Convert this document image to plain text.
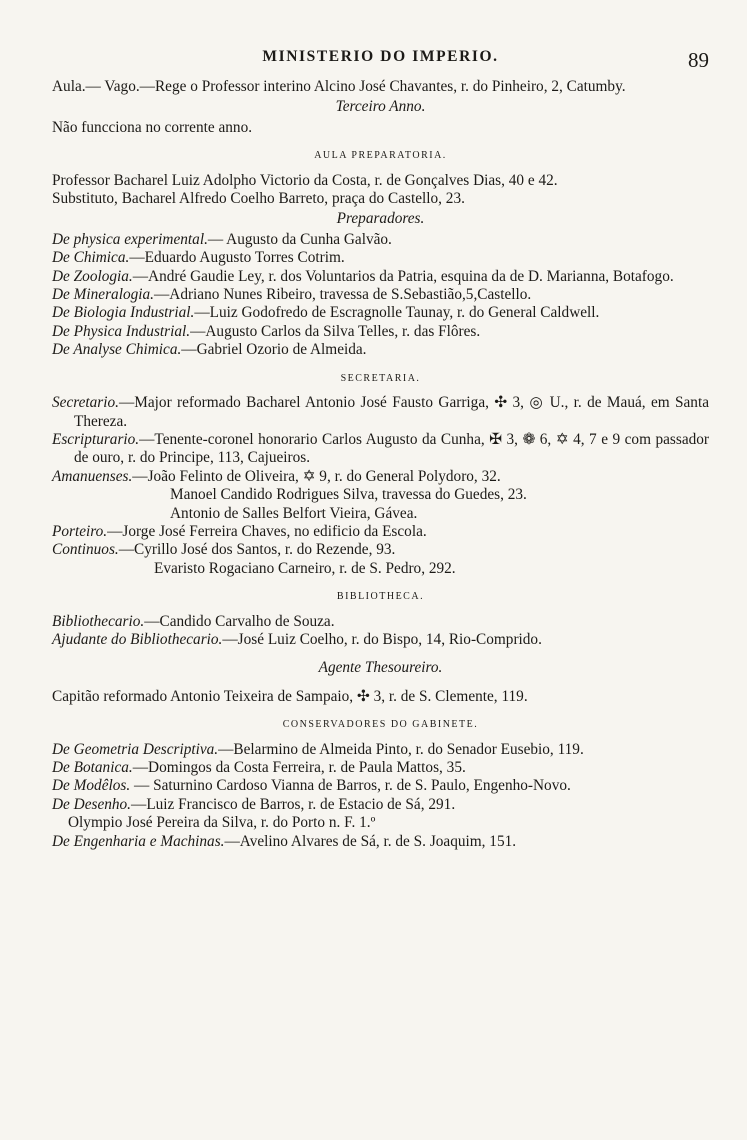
MINISTERIO DO IMPERIO.	89

Aula.— Vago.—Rege o Professor interino Alcino José Chavantes, r. do Pinheiro, 2, Catumby.

Terceiro Anno.

Não funcciona no corrente anno.

AULA PREPARATORIA.

Professor Bacharel Luiz Adolpho Victorio da Costa, r. de Gonçalves Dias, 40 e 42.

Substituto, Bacharel Alfredo Coelho Barreto, praça do Castello, 23.

Preparadores.

De physica experimental.— Augusto da Cunha Galvão.

De Chimica.—Eduardo Augusto Torres Cotrim.

De Zoologia.—André Gaudie Ley, r. dos Voluntarios da Patria, esquina da de D. Marianna, Botafogo.

De Mineralogia.—Adriano Nunes Ribeiro, travessa de S.Sebastião,5,Castello.

De Biologia Industrial.—Luiz Godofredo de Escragnolle Taunay, r. do General Caldwell.

De Physica Industrial.—Augusto Carlos da Silva Telles, r. das Flôres.

De Analyse Chimica.—Gabriel Ozorio de Almeida.

SECRETARIA.

Secretario.—Major reformado Bacharel Antonio José Fausto Garriga, ✣ 3, ◎ U., r. de Mauá, em Santa Thereza.

Escripturario.—Tenente-coronel honorario Carlos Augusto da Cunha, ✠ 3, ❁ 6, ✡ 4, 7 e 9 com passador de ouro, r. do Principe, 113, Cajueiros.

Amanuenses.—João Felinto de Oliveira, ✡ 9, r. do General Polydoro, 32.

Manoel Candido Rodrigues Silva, travessa do Guedes, 23.

Antonio de Salles Belfort Vieira, Gávea.

Porteiro.—Jorge José Ferreira Chaves, no edificio da Escola.

Continuos.—Cyrillo José dos Santos, r. do Rezende, 93.

Evaristo Rogaciano Carneiro, r. de S. Pedro, 292.

BIBLIOTHECA.

Bibliothecario.—Candido Carvalho de Souza.

Ajudante do Bibliothecario.—José Luiz Coelho, r. do Bispo, 14, Rio-Comprido.

Agente Thesoureiro.

Capitão reformado Antonio Teixeira de Sampaio, ✣ 3, r. de S. Clemente, 119.

CONSERVADORES DO GABINETE.

De Geometria Descriptiva.—Belarmino de Almeida Pinto, r. do Senador Eusebio, 119.

De Botanica.—Domingos da Costa Ferreira, r. de Paula Mattos, 35.

De Modêlos. — Saturnino Cardoso Vianna de Barros, r. de S. Paulo, Engenho-Novo.

De Desenho.—Luiz Francisco de Barros, r. de Estacio de Sá, 291.

Olympio José Pereira da Silva, r. do Porto n. F. 1.º

De Engenharia e Machinas.—Avelino Alvares de Sá, r. de S. Joaquim, 151.
